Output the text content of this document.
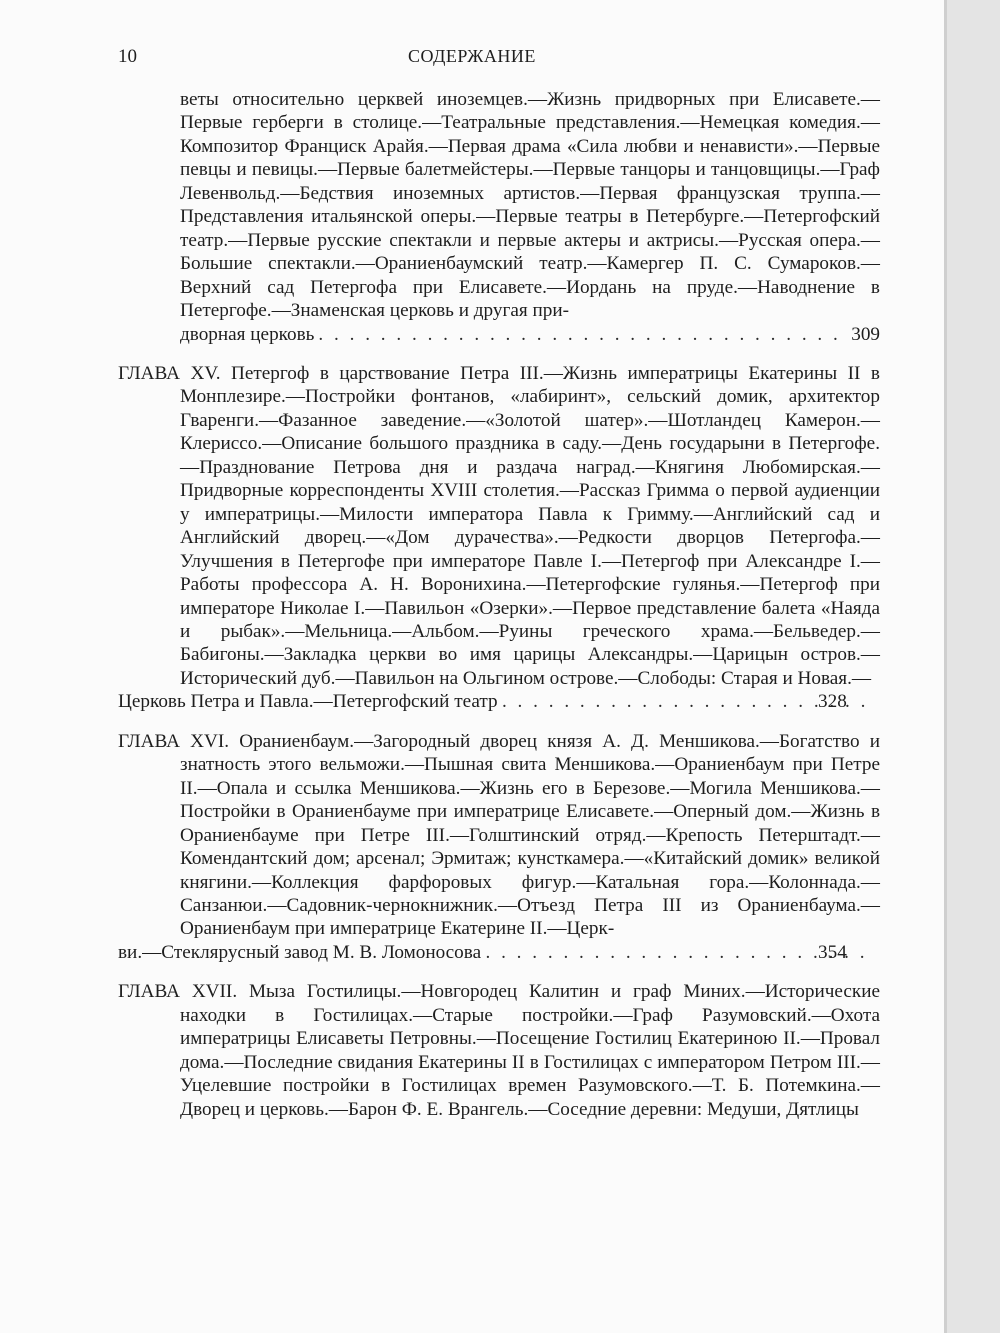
10	СОДЕРЖАНИЕ
веты относительно церквей иноземцев.—Жизнь придворных при Елисавете.—Первые герберги в столице.—Театральные представления.—Немецкая комедия.—Композитор Франциск Арайя.—Первая драма «Сила любви и ненависти».—Первые певцы и певицы.—Первые балетмейстеры.—Первые танцоры и танцовщицы.—Граф Левенвольд.—Бедствия иноземных артистов.—Первая французская труппа.—Представления итальянской оперы.—Первые театры в Петербурге.—Петергофский театр.—Первые русские спектакли и первые актеры и актрисы.—Русская опера.—Большие спектакли.—Ораниенбаумский театр.—Камергер П. С. Сумароков.—Верхний сад Петергофа при Елисавете.—Иордань на пруде.—Наводнение в Петергофе.—Знаменская церковь и другая при-
дворная церковь . . .	309
ГЛАВА XV. Петергоф в царствование Петра III.—Жизнь императрицы Екатерины II в Монплезире.—Постройки фонтанов, «лабиринт», сельский домик, архитектор Гваренги.—Фазанное заведение.—«Золотой шатер».—Шотландец Камерон.—Клериссо.—Описание большого праздника в саду.—День государыни в Петергофе.—Празднование Петрова дня и раздача наград.—Княгиня Любомирская.—Придворные корреспонденты XVIII столетия.—Рассказ Гримма о первой аудиенции у императрицы.—Милости императора Павла к Гримму.—Английский сад и Английский дворец.—«Дом дурачества».—Редкости дворцов Петергофа.—Улучшения в Петергофе при императоре Павле I.—Петергоф при Александре I.—Работы профессора А. Н. Воронихина.—Петергофские гулянья.—Петергоф при императоре Николае I.—Павильон «Озерки».—Первое представление балета «Наяда и рыбак».—Мельница.—Альбом.—Руины греческого храма.—Бельведер.—Бабигоны.—Закладка церкви во имя царицы Александры.—Царицын остров.—Исторический дуб.—Павильон на Ольгином острове.—Слободы: Старая и Новая.—
Церковь Петра и Павла.—Петергофский театр . . .	328
ГЛАВА XVI. Ораниенбаум.—Загородный дворец князя А. Д. Меншикова.—Богатство и знатность этого вельможи.—Пышная свита Меншикова.—Ораниенбаум при Петре II.—Опала и ссылка Меншикова.—Жизнь его в Березове.—Могила Меншикова.—Постройки в Ораниенбауме при императрице Елисавете.—Оперный дом.—Жизнь в Ораниенбауме при Петре III.—Голштинский отряд.—Крепость Петерштадт.—Комендантский дом; арсенал; Эрмитаж; кунсткамера.—«Китайский домик» великой княгини.—Коллекция фарфоровых фигур.—Катальная гора.—Колоннада.—Санзанюи.—Садовник-чернокнижник.—Отъезд Петра III из Ораниенбаума.—Ораниенбаум при императрице Екатерине II.—Церк-
ви.—Стеклярусный завод М. В. Ломоносова . . .	354
ГЛАВА XVII. Мыза Гостилицы.—Новгородец Калитин и граф Миних.—Исторические находки в Гостилицах.—Старые постройки.—Граф Разумовский.—Охота императрицы Елисаветы Петровны.—Посещение Гостилиц Екатериною II.—Провал дома.—Последние свидания Екатерины II в Гостилицах с императором Петром III.—Уцелевшие постройки в Гостилицах времен Разумовского.—Т. Б. Потемкина.—Дворец и церковь.—Барон Ф. Е. Врангель.—Соседние деревни: Медуши, Дятлицы
